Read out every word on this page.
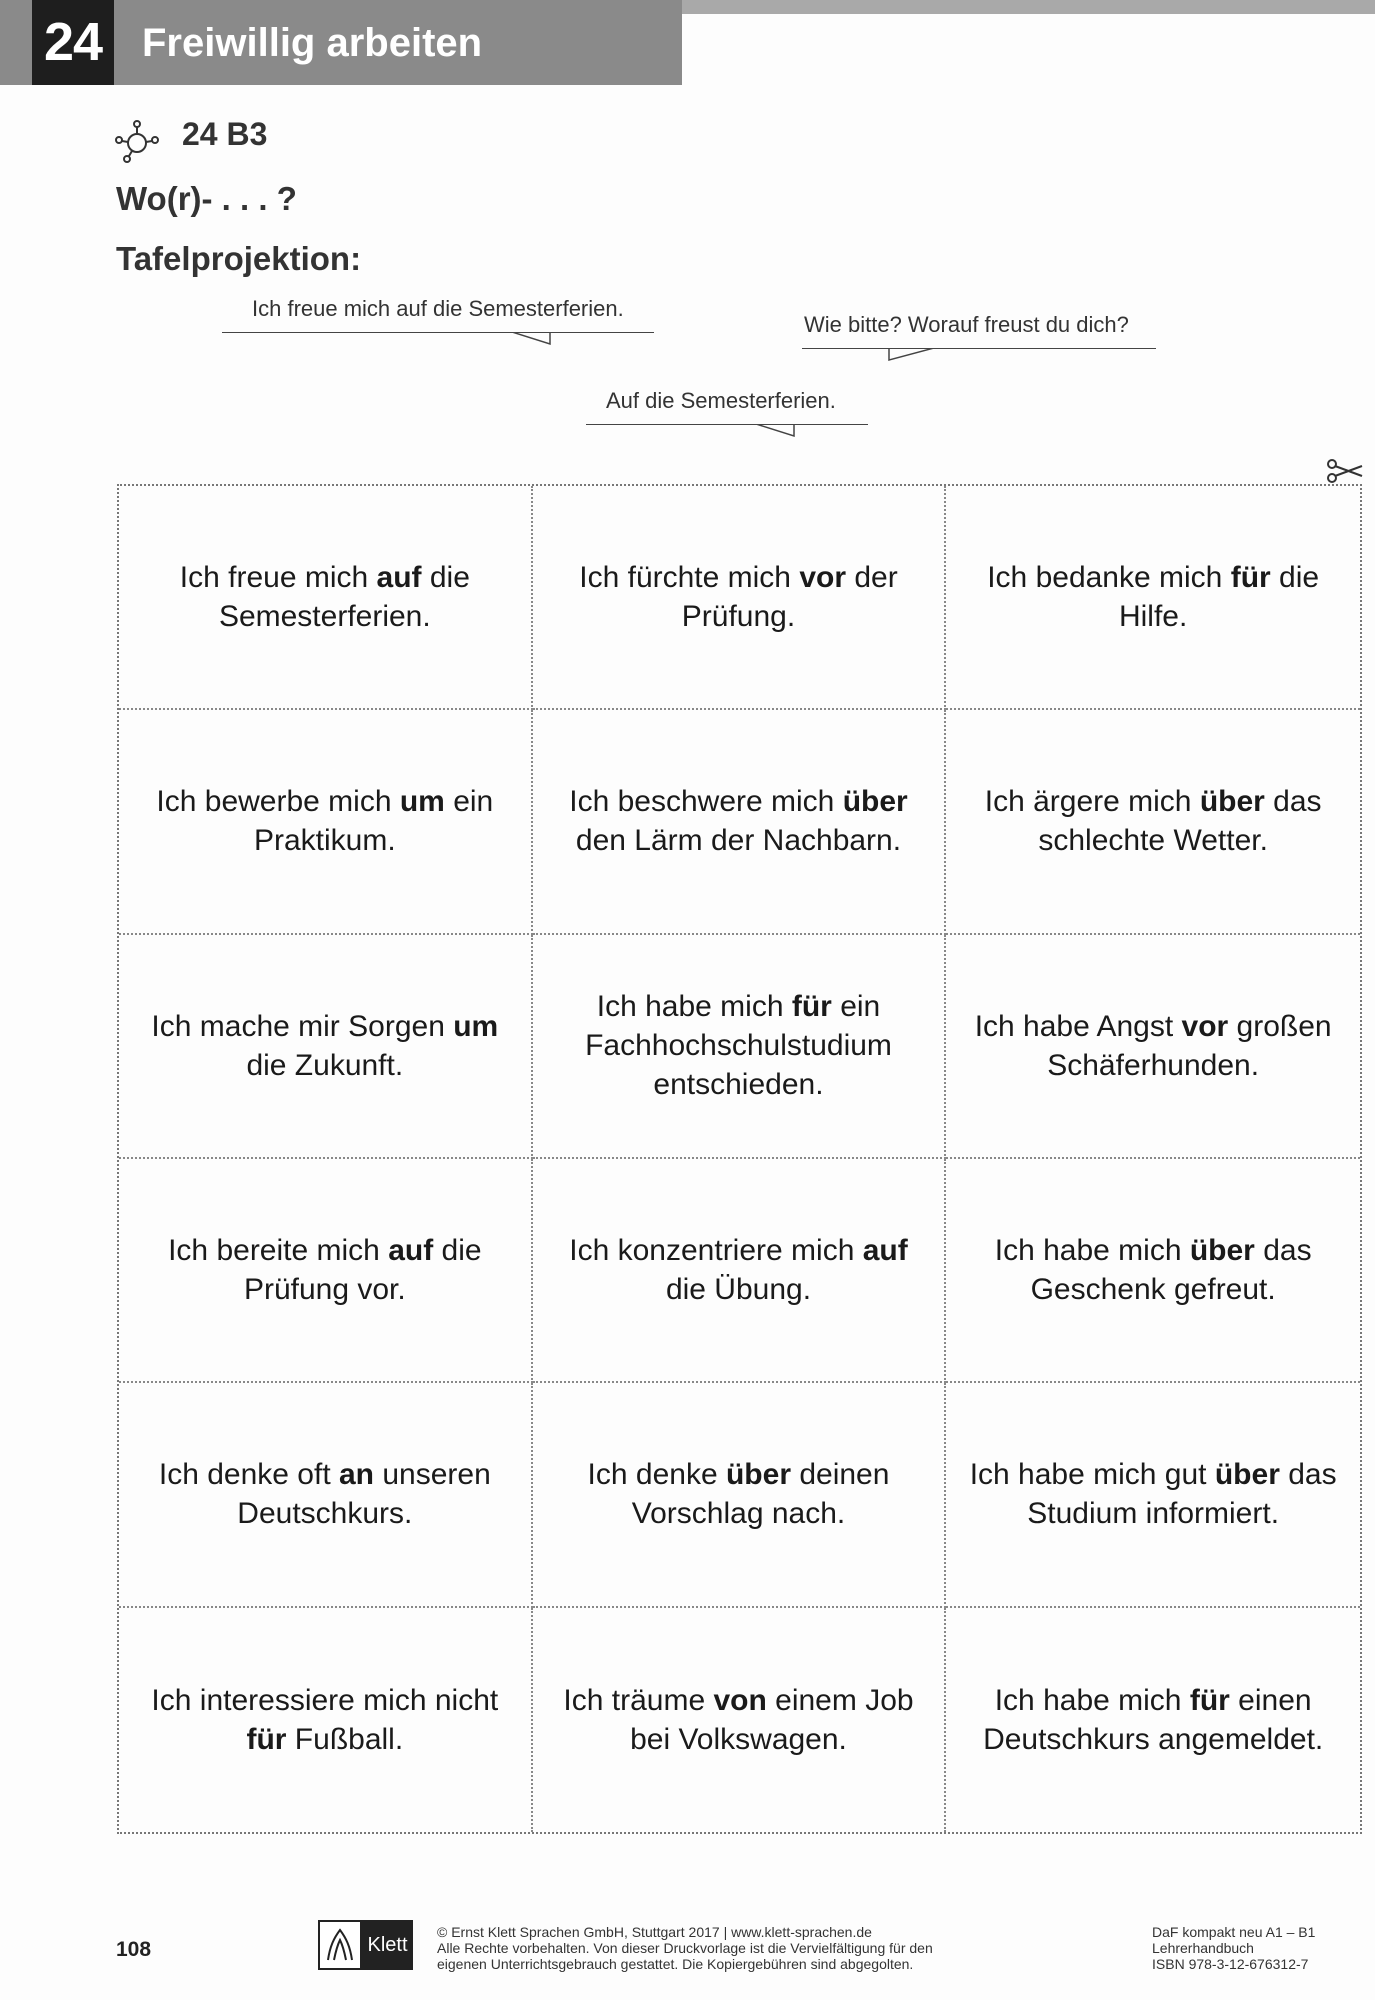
24 Freiwillig arbeiten
24 B3
Wo(r)- . . . ?
Tafelprojektion:
Ich freue mich auf die Semesterferien.
Wie bitte? Worauf freust du dich?
Auf die Semesterferien.
Ich freue mich auf die Semesterferien.
Ich fürchte mich vor der Prüfung.
Ich bedanke mich für die Hilfe.
Ich bewerbe mich um ein Praktikum.
Ich beschwere mich über den Lärm der Nachbarn.
Ich ärgere mich über das schlechte Wetter.
Ich mache mir Sorgen um die Zukunft.
Ich habe mich für ein Fachhochschulstudium entschieden.
Ich habe Angst vor großen Schäferhunden.
Ich bereite mich auf die Prüfung vor.
Ich konzentriere mich auf die Übung.
Ich habe mich über das Geschenk gefreut.
Ich denke oft an unseren Deutschkurs.
Ich denke über deinen Vorschlag nach.
Ich habe mich gut über das Studium informiert.
Ich interessiere mich nicht für Fußball.
Ich träume von einem Job bei Volkswagen.
Ich habe mich für einen Deutschkurs angemeldet.
108	Klett
© Ernst Klett Sprachen GmbH, Stuttgart 2017 | www.klett-sprachen.de
Alle Rechte vorbehalten. Von dieser Druckvorlage ist die Vervielfältigung für den
eigenen Unterrichtsgebrauch gestattet. Die Kopiergebühren sind abgegolten.
DaF kompakt neu A1 – B1
Lehrerhandbuch
ISBN 978-3-12-676312-7
